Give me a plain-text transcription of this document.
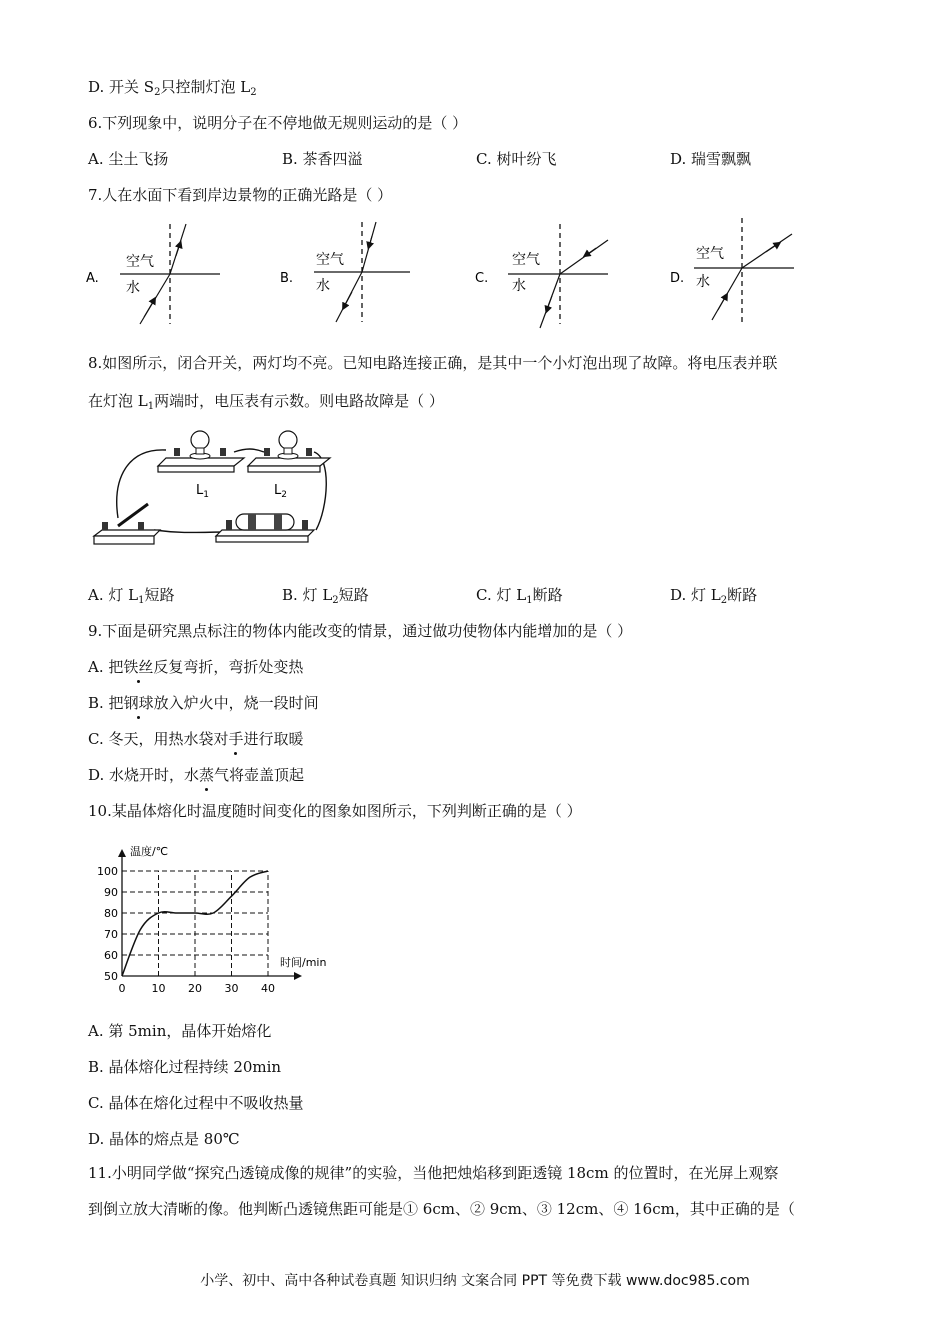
D. 开关 $S_2$只控制灯泡 $L_2$
6.下列现象中，说明分子在不停地做无规则运动的是（ ）
A. 尘土飞扬	B. 茶香四溢	C. 树叶纷飞	D. 瑞雪飘飘
7.人在水面下看到岸边景物的正确光路是（ ）
A.
空气
水
B.
空气
水	C.
空气
水	D.
空气
水
8.如图所示，闭合开关，两灯均不亮。已知电路连接正确，是其中一个小灯泡出现了故障。将电压表并联
在灯泡 $L_1$两端时，电压表有示数。则电路故障是（ ）
$L_1$	$L_2$
A. 灯 $L_1$短路	B. 灯 $L_2$短路	C. 灯 $L_1$断路	D. 灯 $L_2$断路
9.下面是研究黑点标注的物体内能改变的情景，通过做功使物体内能增加的是（ ）
A. 把铁丝反复弯折，弯折处变热
B. 把钢球放入炉火中，烧一段时间
C. 冬天，用热水袋对手进行取暖
D. 水烧开时，水蒸气将壶盖顶起
10.某晶体熔化时温度随时间变化的图象如图所示，下列判断正确的是（ ）
50
60
70
80
90
100
0 10 20 30 40
温度/℃
时间/min
A. 第 5min，晶体开始熔化
B. 晶体熔化过程持续 20min
C. 晶体在熔化过程中不吸收热量
D. 晶体的熔点是 80℃
11.小明同学做“探究凸透镜成像的规律”的实验，当他把烛焰移到距透镜 18cm 的位置时，在光屏上观察
到倒立放大清晰的像。他判断凸透镜焦距可能是① 6cm、② 9cm、③ 12cm、④ 16cm，其中正确的是（
小学、初中、高中各种试卷真题 知识归纳 文案合同 PPT 等免费下载 www.doc985.com
